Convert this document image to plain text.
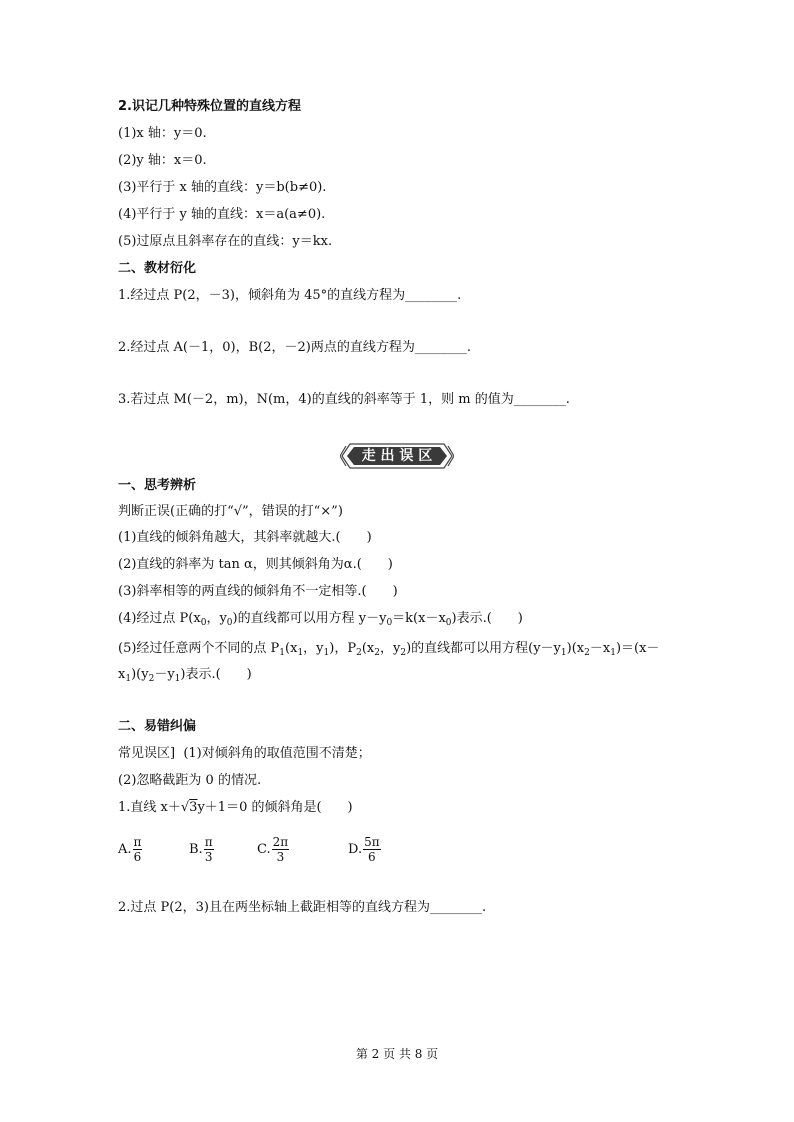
2.识记几种特殊位置的直线方程
(1)x 轴：y＝0.
(2)y 轴：x＝0.
(3)平行于 x 轴的直线：y＝b(b≠0).
(4)平行于 y 轴的直线：x＝a(a≠0).
(5)过原点且斜率存在的直线：y＝kx.
二、教材衍化
1.经过点 P(2，－3)，倾斜角为 45°的直线方程为________.
2.经过点 A(－1，0)，B(2，－2)两点的直线方程为________.
3.若过点 M(－2，m)，N(m，4)的直线的斜率等于 1，则 m 的值为________.
走 出 误 区
一、思考辨析
判断正误(正确的打“√”，错误的打“×”)
(1)直线的倾斜角越大，其斜率就越大.(　　)
(2)直线的斜率为 tan α，则其倾斜角为α.(　　)
(3)斜率相等的两直线的倾斜角不一定相等.(　　)
(4)经过点 $P(x_0$，$y_0$)的直线都可以用方程 $y-y_0=k(x-x_0)$表示.(　　)
(5)经过任意两个不同的点 $P_1(x_1$，$y_1$)，$P_2(x_2$，$y_2$)的直线都可以用方程$(y-y_1)(x_2-x_1)=(x-$
$x_1)(y_2-y_1)$表示.(　　)
二、易错纠偏
常见误区] (1)对倾斜角的取值范围不清楚；
(2)忽略截距为 0 的情况.
1.直线 x＋√3y＋1＝0 的倾斜角是(　　)
A. $\frac{\pi}{6}$	B. $\frac{\pi}{3}$	C. $\frac{2\pi}{3}$	D. $\frac{5\pi}{6}$
2.过点 P(2，3)且在两坐标轴上截距相等的直线方程为________.
第 2 页 共 8 页
